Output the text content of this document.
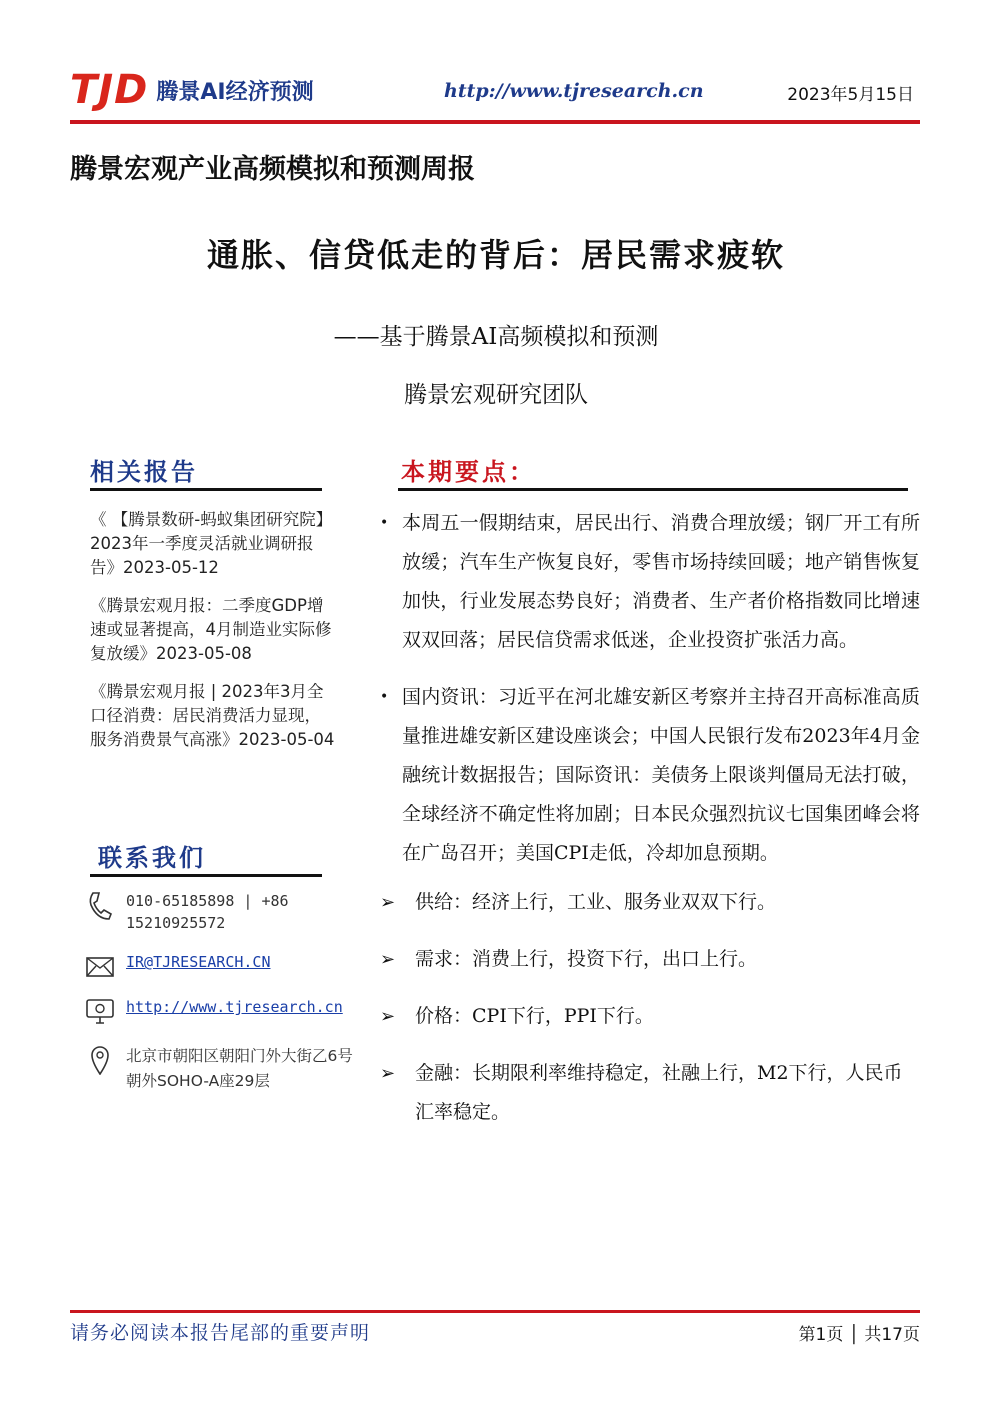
TJD 腾景AI经济预测	http://www.tjresearch.cn	2023年5月15日
腾景宏观产业高频模拟和预测周报
通胀、信贷低走的背后：居民需求疲软
——基于腾景AI高频模拟和预测
腾景宏观研究团队
相关报告
《 【腾景数研-蚂蚁集团研究院】2023年一季度灵活就业调研报告》2023-05-12
《腾景宏观月报：二季度GDP增速或显著提高，4月制造业实际修复放缓》2023-05-08
《腾景宏观月报 | 2023年3月全口径消费：居民消费活力显现，服务消费景气高涨》2023-05-04
联系我们
010-65185898 | +86 15210925572
IR@TJRESEARCH.CN
http://www.tjresearch.cn
北京市朝阳区朝阳门外大街乙6号朝外SOHO-A座29层
本期要点：
• 本周五一假期结束，居民出行、消费合理放缓；钢厂开工有所放缓；汽车生产恢复良好，零售市场持续回暖；地产销售恢复加快，行业发展态势良好；消费者、生产者价格指数同比增速双双回落；居民信贷需求低迷，企业投资扩张活力高。
• 国内资讯：习近平在河北雄安新区考察并主持召开高标准高质量推进雄安新区建设座谈会；中国人民银行发布2023年4月金融统计数据报告；国际资讯：美债务上限谈判僵局无法打破，全球经济不确定性将加剧；日本民众强烈抗议七国集团峰会将在广岛召开；美国CPI走低，冷却加息预期。
➢ 供给：经济上行，工业、服务业双双下行。
➢ 需求：消费上行，投资下行，出口上行。
➢ 价格：CPI下行，PPI下行。
➢ 金融：长期限利率维持稳定，社融上行，M2下行，人民币汇率稳定。
请务必阅读本报告尾部的重要声明	第1页 │ 共17页
